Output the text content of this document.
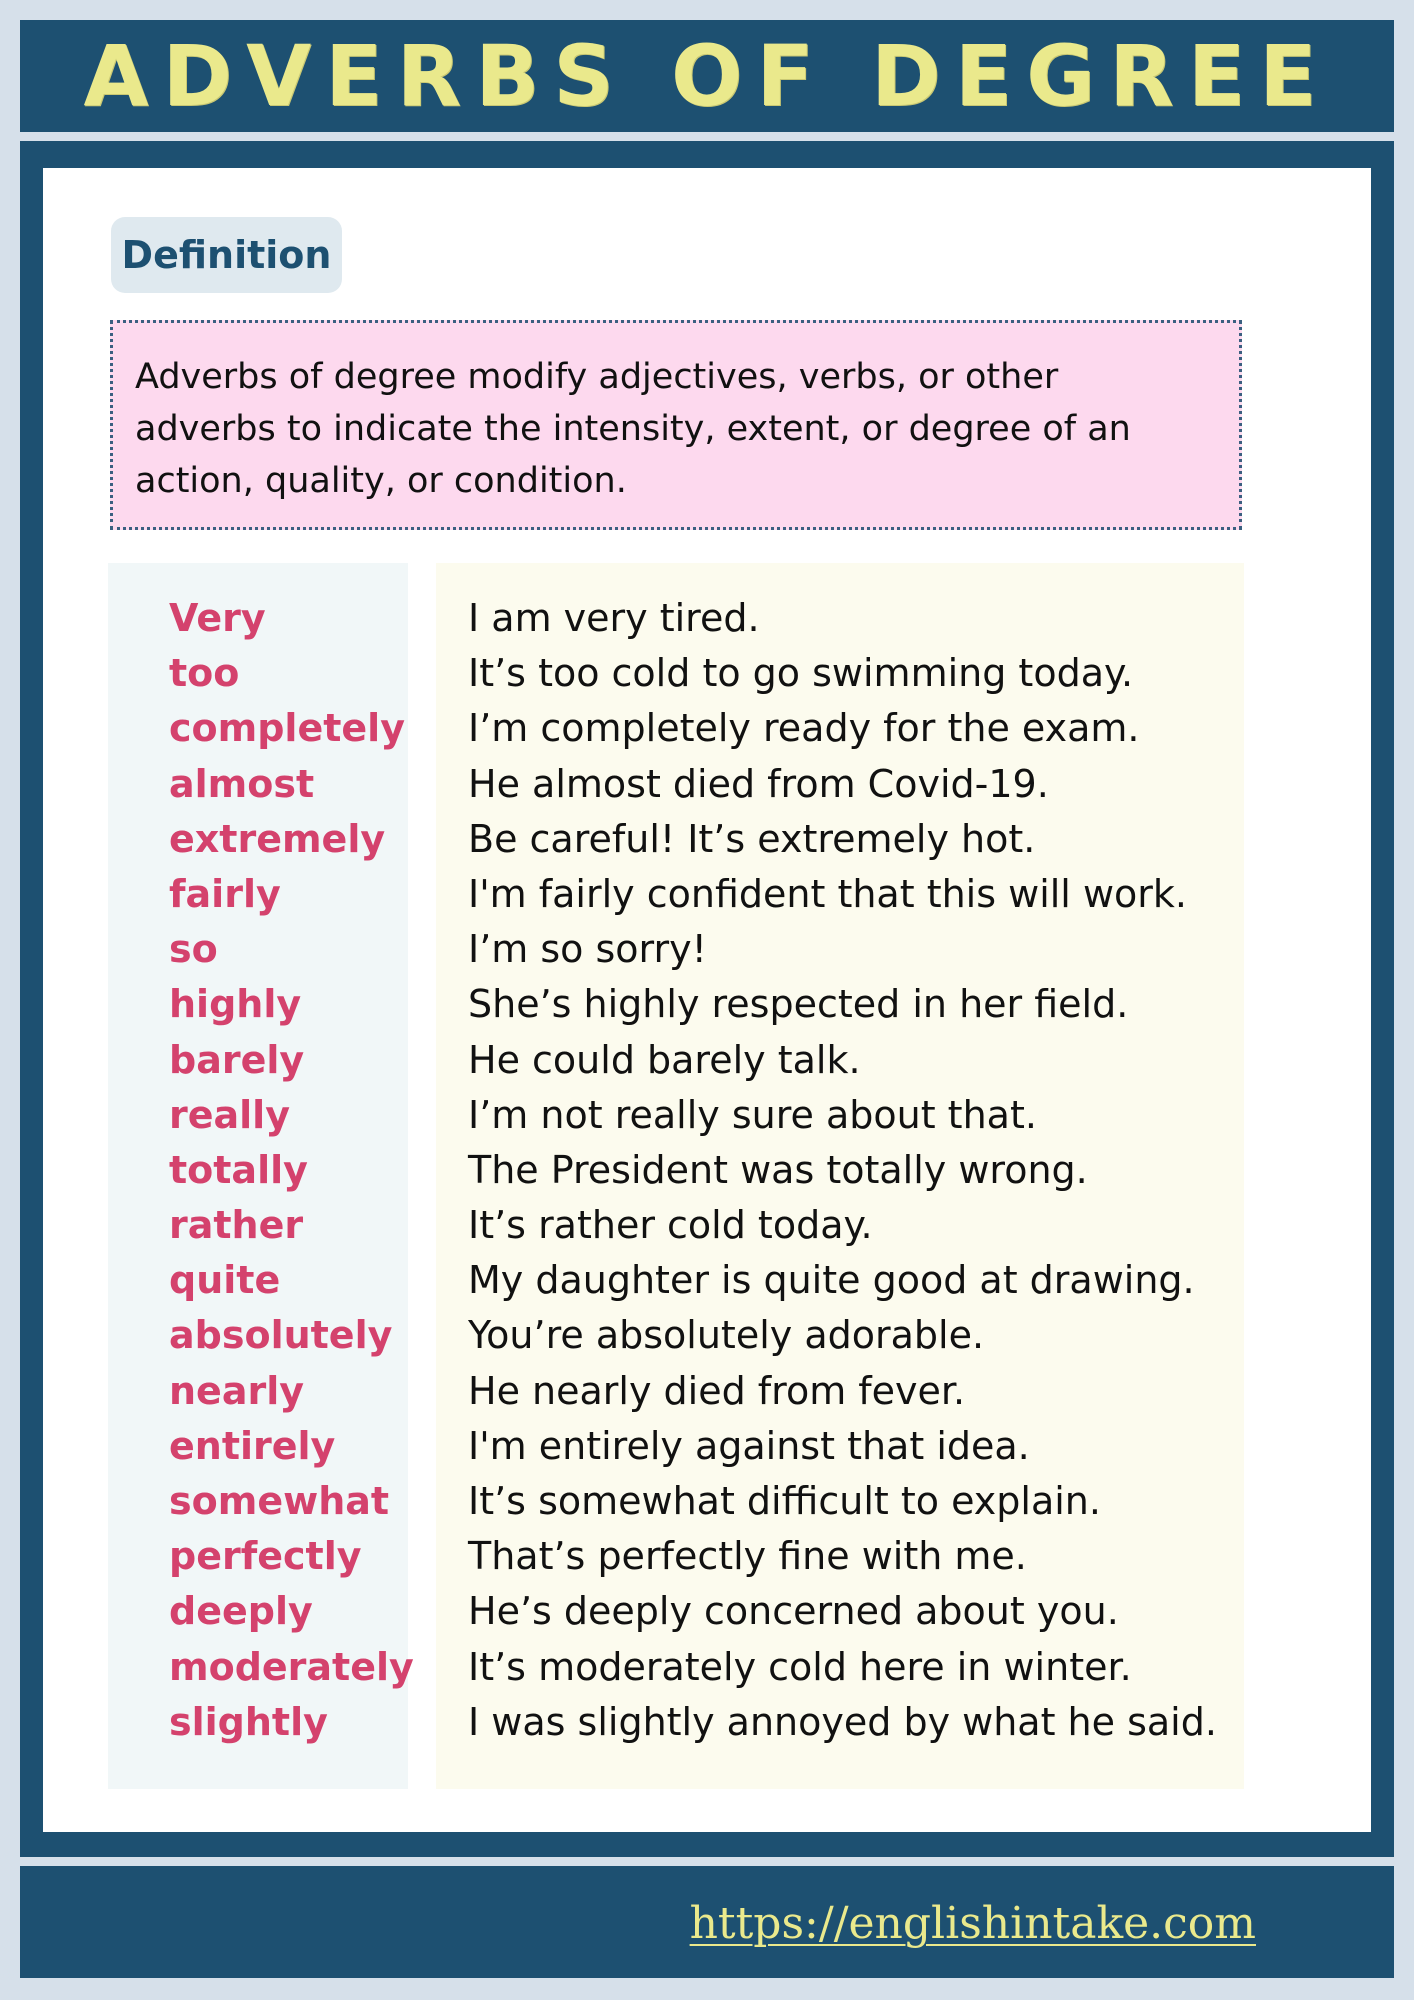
ADVERBS OF DEGREE
Definition

Adverbs of degree modify adjectives, verbs, or other

adverbs to indicate the intensity, extent, or degree of an

action, quality, or condition.

Very
too
completely
almost
extremely
fairly
so
highly
barely
really
totally
rather
quite
absolutely
nearly
entirely
somewhat
perfectly
deeply
moderately
slightly
I am very tired.
It’s too cold to go swimming today.
I’m completely ready for the exam.
He almost died from Covid-19.
Be careful! It’s extremely hot.
I'm fairly confident that this will work.
I’m so sorry!
She’s highly respected in her field.
He could barely talk.
I’m not really sure about that.
The President was totally wrong.
It’s rather cold today.
My daughter is quite good at drawing.
You’re absolutely adorable.
He nearly died from fever.
I'm entirely against that idea.
It’s somewhat difficult to explain.
That’s perfectly fine with me.
He’s deeply concerned about you.
It’s moderately cold here in winter.
I was slightly annoyed by what he said.
https://englishintake.com
